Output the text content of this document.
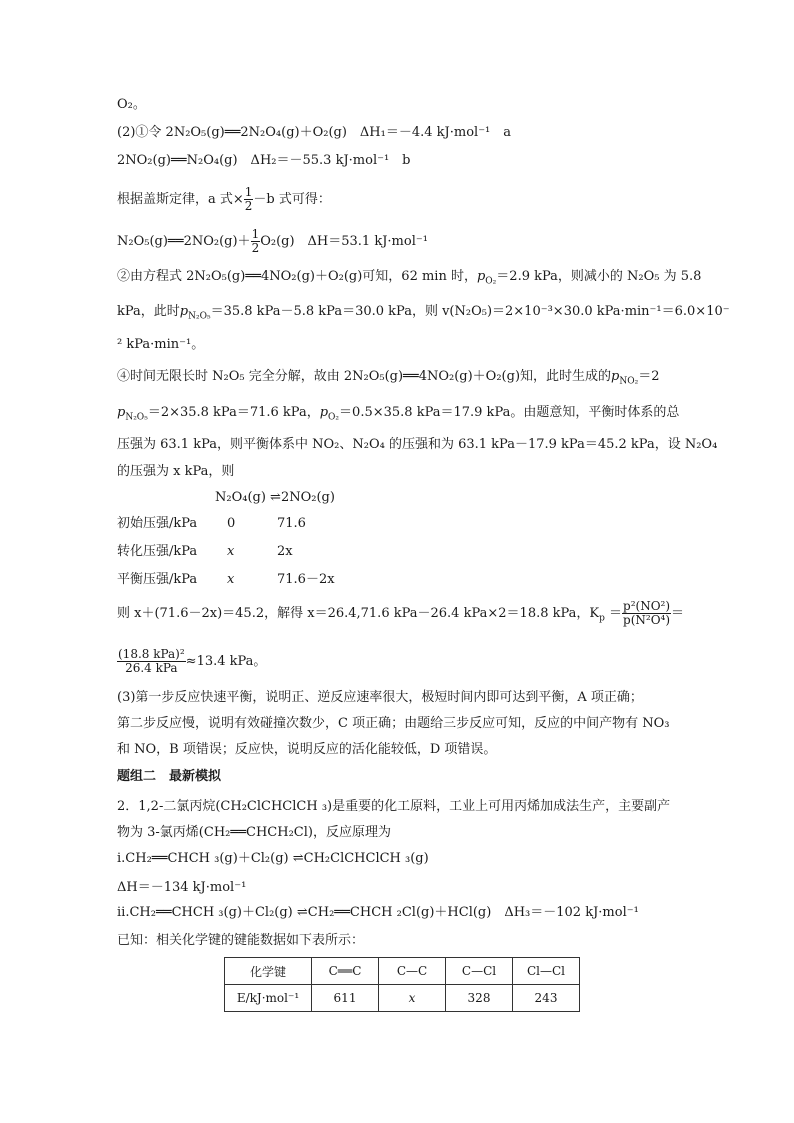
O₂。
(2)①令 2N₂O₅(g)══2N₂O₄(g)＋O₂(g)　ΔH₁＝－4.4 kJ·mol⁻¹　a
2NO₂(g)══N₂O₄(g)　ΔH₂＝－55.3 kJ·mol⁻¹　b
根据盖斯定律，a 式× $\frac{1}{2} -b$ 式可得：
N₂O₅(g)══2NO₂(g)＋ $\frac{1}{2} O_2(g)$　ΔH＝53.1 kJ·mol⁻¹
②由方程式 2N₂O₅(g)══4NO₂(g)＋O₂(g)可知，62 min 时，$p_{O_2}=2.9$ kPa，则减小的 N₂O₅ 为 5.8
kPa，此时$p_{N_2O_5}=35.8$ kPa－5.8 kPa＝30.0 kPa，则 v(N₂O₅)＝2×10⁻³×30.0 kPa·min⁻¹＝6.0×10⁻
² kPa·min⁻¹。
④时间无限长时 N₂O₅ 完全分解，故由 2N₂O₅(g)══4NO₂(g)＋O₂(g)知，此时生成的$p_{NO_2}=2$
$p_{N_2O_5}=2\times 35.8$ kPa＝71.6 kPa，$p_{O_2}=0.5\times 35.8$ kPa＝17.9 kPa。由题意知，平衡时体系的总
压强为 63.1 kPa，则平衡体系中 NO₂、N₂O₄ 的压强和为 63.1 kPa－17.9 kPa＝45.2 kPa，设 N₂O₄
的压强为 x kPa，则
N₂O₄(g) ⇌2NO₂(g)
初始压强/kPa 0	71.6
转化压强/kPa x	2x
平衡压强/kPa x	71.6－2x
则 x＋(71.6－2x)＝45.2，解得 x＝26.4,71.6 kPa－26.4 kPa×2＝18.8 kPa，$K_p = \frac{\text{p²(NO²)}}{\text{p(N²O⁴)}}$ ＝
$\frac{\text{(18.8 kPa)²}}{\text{26.4 kPa}} \approx 13.4$ kPa。
(3)第一步反应快速平衡，说明正、逆反应速率很大，极短时间内即可达到平衡，A 项正确；
第二步反应慢，说明有效碰撞次数少，C 项正确；由题给三步反应可知，反应的中间产物有 NO₃
和 NO，B 项错误；反应快，说明反应的活化能较低，D 项错误。
题组二　最新模拟
2．1,2-二氯丙烷(CH₂ClCHClCH ₃)是重要的化工原料，工业上可用丙烯加成法生产，主要副产
物为 3-氯丙烯(CH₂══CHCH₂Cl)，反应原理为
ⅰ.CH₂══CHCH ₃(g)＋Cl₂(g) ⇌CH₂ClCHClCH ₃(g)
ΔH＝－134 kJ·mol⁻¹
ⅱ.CH₂══CHCH ₃(g)＋Cl₂(g) ⇌CH₂══CHCH ₂Cl(g)＋HCl(g)　ΔH₃＝－102 kJ·mol⁻¹
已知：相关化学键的键能数据如下表所示：
化学键	C══C	C—C	C—Cl	Cl—Cl
E/kJ·mol⁻¹	611	x	328	243
